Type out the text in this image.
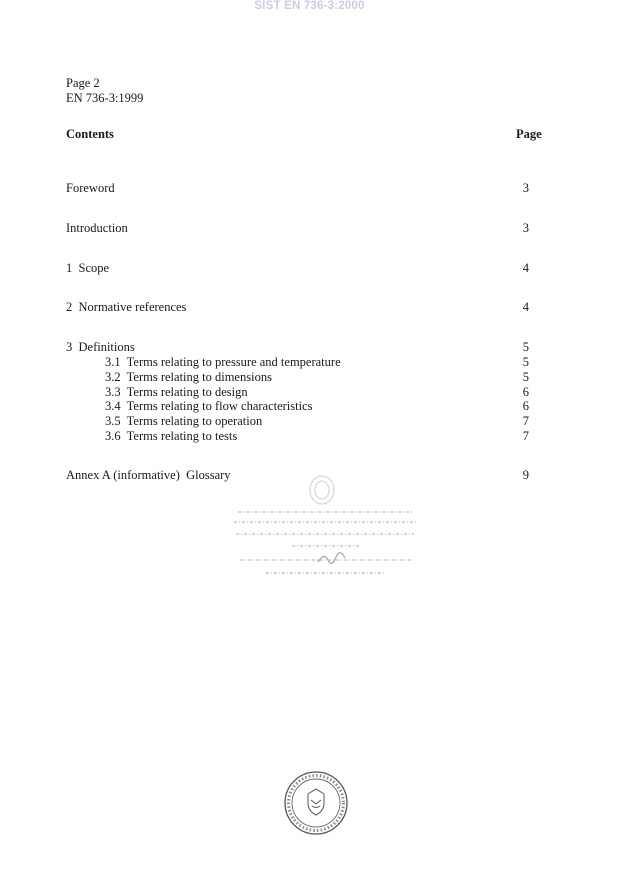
SIST EN 736-3:2000
Page 2
EN 736-3:1999
Contents	Page
Foreword	3
Introduction	3
1  Scope	4
2  Normative references	4
3  Definitions	5
3.1  Terms relating to pressure and temperature	5
3.2  Terms relating to dimensions	5
3.3  Terms relating to design	6
3.4  Terms relating to flow characteristics	6
3.5  Terms relating to operation	7
3.6  Terms relating to tests	7
Annex A (informative)  Glossary	9
